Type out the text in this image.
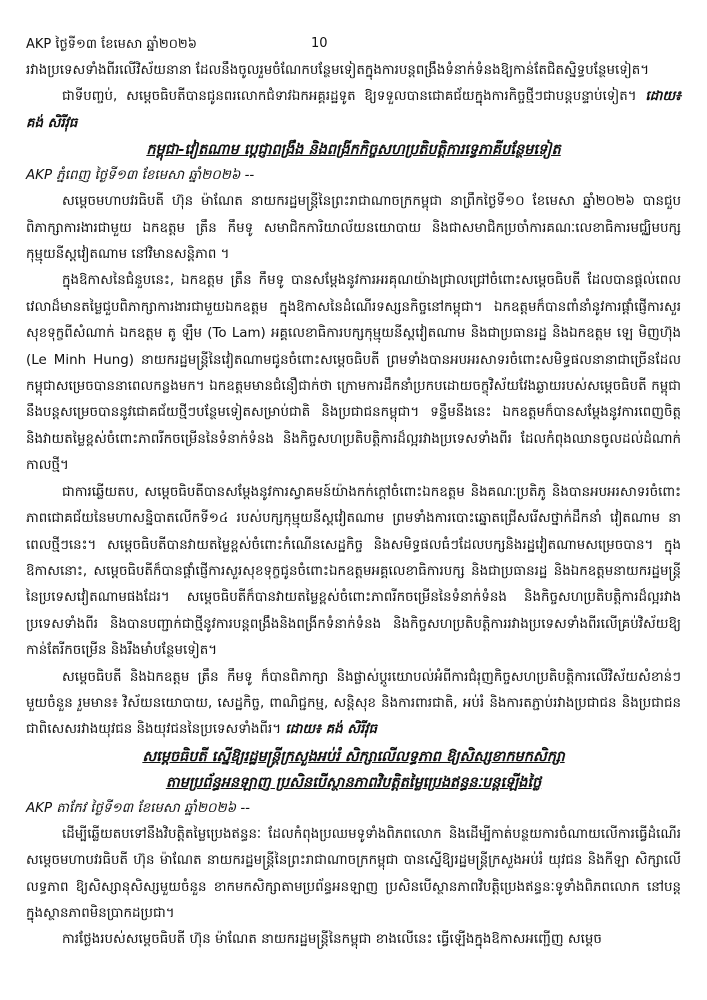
AKP ថ្ងៃទី១៣ ខែមេសា ឆ្នាំ២០២៦	10

រវាងប្រទេសទាំងពីរលើវិស័យនានា ដែលនឹងចូលរួមចំណែកបន្ថែមទៀតក្នុងការបន្តពង្រឹងទំនាក់ទំនងឱ្យកាន់តែជិតស្និទ្ធបន្ថែមទៀត។

ជាទីបញ្ចប់, សម្តេចធិបតីបានជូនពរលោកជំទាវឯកអគ្គរដ្ឋទូត ឱ្យទទួលបានជោគជ័យក្នុងការកិច្ចថ្មីៗជាបន្តបន្ទាប់ទៀត។ ដោយ៖ គង់ សិរីវុធ

កម្ពុជា-វៀតណាម ប្តេជ្ញាពង្រឹង និងពង្រីកកិច្ចសហប្រតិបត្តិការទ្វេភាគីបន្ថែមទៀត

AKP ភ្នំពេញ ថ្ងៃទី១៣ ខែមេសា ឆ្នាំ២០២៦ --

សម្តេចមហាបវរធិបតី ហ៊ុន ម៉ាណែត នាយករដ្ឋមន្ត្រីនៃព្រះរាជាណាចក្រកម្ពុជា នាព្រឹកថ្ងៃទី១០ ខែមេសា ឆ្នាំ២០២៦ បានជួបពិភាក្សាការងារជាមួយ ឯកឧត្តម ត្រឹន កឹមទូ សមាជិកការិយាល័យនយោបាយ និងជាសមាជិកប្រចាំការគណៈលេខាធិការមជ្ឈិមបក្សកុម្មុយនីស្តវៀតណាម នៅវិមានសន្តិភាព ។

ក្នុងឱកាសនៃជំនួបនេះ, ឯកឧត្តម ត្រឹន កឹមទូ បានសម្តែងនូវការអរគុណយ៉ាងជ្រាលជ្រៅចំពោះសម្តេចធិបតី ដែលបានផ្តល់ពេលវេលាដ៏មានតម្លៃជួបពិភាក្សាការងារជាមួយឯកឧត្តម ក្នុងឱកាសនៃដំណើរទស្សនកិច្ចនៅកម្ពុជា។ ឯកឧត្តមក៏បានពាំនាំនូវការផ្តាំផ្ញើការសួរសុខទុក្ខពីសំណាក់ ឯកឧត្តម តូ ឡឹម (To Lam) អគ្គលេខាធិការបក្សកុម្មុយនីស្តវៀតណាម និងជាប្រធានរដ្ឋ និងឯកឧត្តម ឡេ មិញហ៊ុង (Le Minh Hung) នាយករដ្ឋមន្ត្រីនៃវៀតណាមជូនចំពោះសម្តេចធិបតី ព្រមទាំងបានអបអរសាទរចំពោះសមិទ្ធផលនានាជាច្រើនដែលកម្ពុជាសម្រេចបាននាពេលកន្លងមក។ ឯកឧត្តមមានជំនឿជាក់ថា ក្រោមការដឹកនាំប្រកបដោយចក្ខុវិស័យវែងឆ្ងាយរបស់សម្តេចធិបតី កម្ពុជានឹងបន្តសម្រេចបាននូវជោគជ័យថ្មីៗបន្ថែមទៀតសម្រាប់ជាតិ និងប្រជាជនកម្ពុជា។ ទន្ទឹមនឹងនេះ ឯកឧត្តមក៏បានសម្តែងនូវការពេញចិត្ត និងវាយតម្លៃខ្ពស់ចំពោះភាពរីកចម្រើននៃទំនាក់ទំនង និងកិច្ចសហប្រតិបត្តិការដ៏ល្អរវាងប្រទេសទាំងពីរ ដែលកំពុងឈានចូលដល់ដំណាក់កាលថ្មី។

ជាការឆ្លើយតប, សម្តេចធិបតីបានសម្តែងនូវការស្វាគមន៍យ៉ាងកក់ក្តៅចំពោះឯកឧត្តម និងគណៈប្រតិភូ និងបានអបអរសាទរចំពោះភាពជោគជ័យនៃមហាសន្និបាតលើកទី១៤ របស់បក្សកុម្មុយនីស្តវៀតណាម ព្រមទាំងការបោះឆ្នោតជ្រើសរើសថ្នាក់ដឹកនាំ វៀតណាម នាពេលថ្មីៗនេះ។ សម្តេចធិបតីបានវាយតម្លៃខ្ពស់ចំពោះកំណើនសេដ្ឋកិច្ច និងសមិទ្ធផលធំៗដែលបក្សនិងរដ្ឋវៀតណាមសម្រេចបាន។ ក្នុងឱកាសនោះ, សម្តេចធិបតីក៏បានផ្តាំផ្ញើការសួរសុខទុក្ខជូនចំពោះឯកឧត្តមអគ្គលេខាធិការបក្ស និងជាប្រធានរដ្ឋ និងឯកឧត្តមនាយករដ្ឋមន្ត្រីនៃប្រទេសវៀតណាមផងដែរ។ សម្តេចធិបតីក៏បានវាយតម្លៃខ្ពស់ចំពោះភាពរីកចម្រើននៃទំនាក់ទំនង និងកិច្ចសហប្រតិបត្តិការដ៏ល្អរវាងប្រទេសទាំងពីរ និងបានបញ្ជាក់ជាថ្មីនូវការបន្តពង្រឹងនិងពង្រីកទំនាក់ទំនង និងកិច្ចសហប្រតិបត្តិការរវាងប្រទេសទាំងពីរលើគ្រប់វិស័យឱ្យកាន់តែរីកចម្រើន និងរឹងមាំបន្ថែមទៀត។

សម្តេចធិបតី និងឯកឧត្តម ត្រឹន កឹមទូ ក៏បានពិភាក្សា និងផ្លាស់ប្តូរយោបល់អំពីការជំរុញកិច្ចសហប្រតិបត្តិការលើវិស័យសំខាន់ៗមួយចំនួន រួមមាន៖ វិស័យនយោបាយ, សេដ្ឋកិច្ច, ពាណិជ្ជកម្ម, សន្តិសុខ និងការពារជាតិ, អប់រំ និងការតភ្ជាប់រវាងប្រជាជន និងប្រជាជន ជាពិសេសរវាងយុវជន និងយុវជននៃប្រទេសទាំងពីរ។ ដោយ៖ គង់ សិរីវុធ

សម្តេចធិបតី ស្នើឱ្យរដ្ឋមន្ត្រីក្រសួងអប់រំ សិក្សាលើលទ្ធភាព ឱ្យសិស្សខាកមកសិក្សា

តាមប្រព័ន្ធអនឡាញ ប្រសិនបើស្ថានភាពវិបត្តិតម្លៃប្រេងឥន្ធនៈបន្តឡើងថ្លៃ

AKP តាកែវ ថ្ងៃទី១៣ ខែមេសា ឆ្នាំ២០២៦ --

ដើម្បីឆ្លើយតបទៅនឹងវិបត្តិតម្លៃប្រេងឥន្ធនៈ ដែលកំពុងប្រឈមទូទាំងពិភពលោក និងដើម្បីកាត់បន្ថយការចំណាយលើការធ្វើដំណើរ សម្តេចមហាបវរធិបតី ហ៊ុន ម៉ាណែត នាយករដ្ឋមន្ត្រីនៃព្រះរាជាណាចក្រកម្ពុជា បានស្នើឱ្យរដ្ឋមន្ត្រីក្រសួងអប់រំ យុវជន និងកីឡា សិក្សាលើលទ្ធភាព ឱ្យសិស្សានុសិស្សមួយចំនួន ខាកមកសិក្សាតាមប្រព័ន្ធអនឡាញ ប្រសិនបើស្ថានភាពវិបត្តិប្រេងឥន្ធនៈទូទាំងពិភពលោក នៅបន្តក្នុងស្ថានភាពមិនប្រាកដប្រជា។

ការថ្លែងរបស់សម្តេចធិបតី ហ៊ុន ម៉ាណែត នាយករដ្ឋមន្ត្រីនៃកម្ពុជា ខាងលើនេះ ធ្វើឡើងក្នុងឱកាសអញ្ជើញ សម្តេច
